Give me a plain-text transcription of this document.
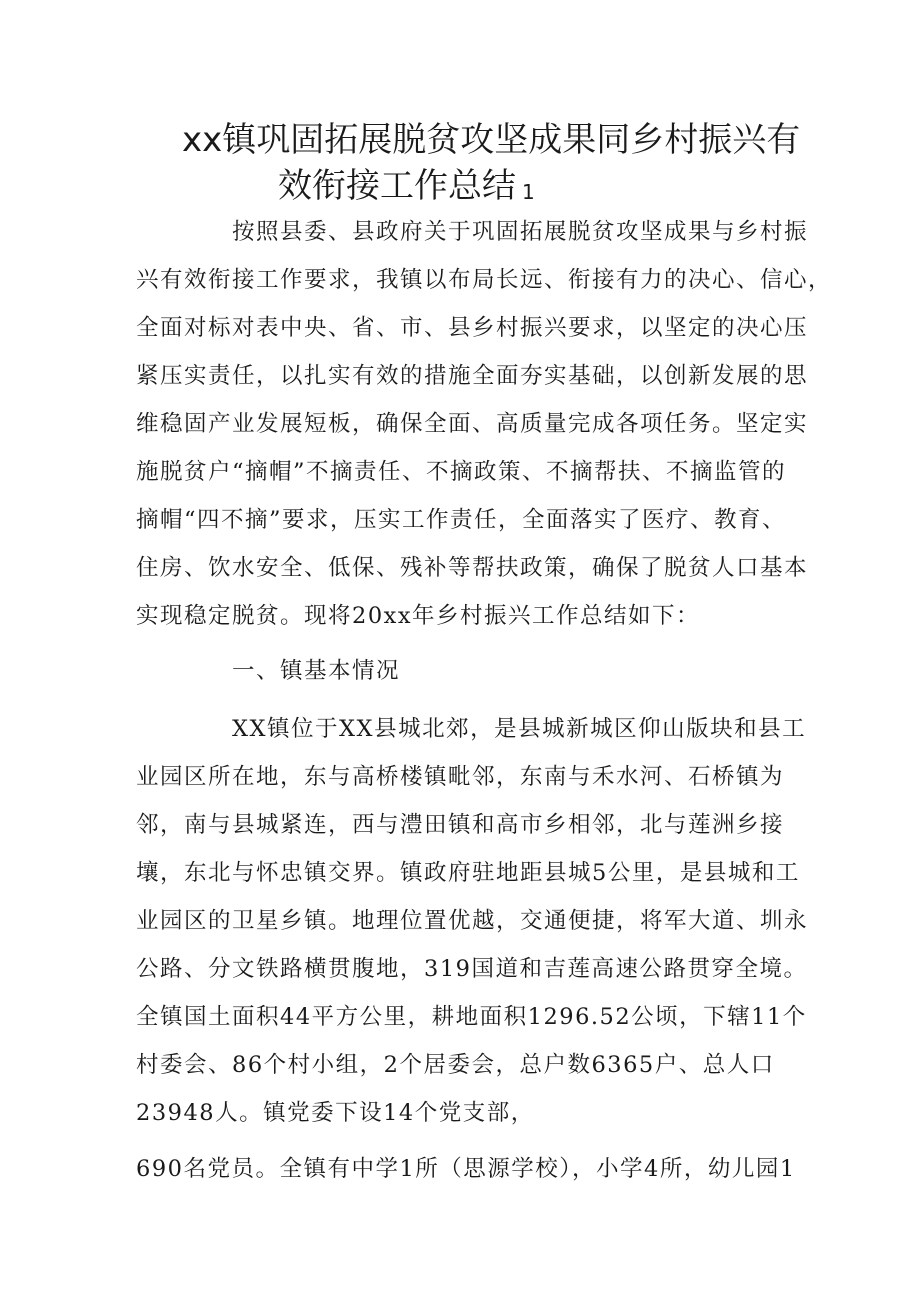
xx镇巩固拓展脱贫攻坚成果同乡村振兴有
效衔接工作总结 $^1$
按照县委、县政府关于巩固拓展脱贫攻坚成果与乡村振
兴有效衔接工作要求，我镇以布局长远、衔接有力的决心、信心，
全面对标对表中央、省、市、县乡村振兴要求，以坚定的决心压
紧压实责任，以扎实有效的措施全面夯实基础，以创新发展的思
维稳固产业发展短板，确保全面、高质量完成各项任务。坚定实
施脱贫户“摘帽”不摘责任、不摘政策、不摘帮扶、不摘监管的
摘帽“四不摘”要求，压实工作责任，全面落实了医疗、教育、
住房、饮水安全、低保、残补等帮扶政策，确保了脱贫人口基本
实现稳定脱贫。现将20xx年乡村振兴工作总结如下：
一、镇基本情况
XX镇位于XX县城北郊，是县城新城区仰山版块和县工
业园区所在地，东与高桥楼镇毗邻，东南与禾水河、石桥镇为
邻，南与县城紧连，西与澧田镇和高市乡相邻，北与莲洲乡接
壤，东北与怀忠镇交界。镇政府驻地距县城5公里，是县城和工
业园区的卫星乡镇。地理位置优越，交通便捷，将军大道、圳永
公路、分文铁路横贯腹地，319国道和吉莲高速公路贯穿全境。
全镇国土面积44平方公里，耕地面积1296.52公顷，下辖11个
村委会、86个村小组，2个居委会，总户数6365户、总人口
23948人。镇党委下设14个党支部，
690名党员。全镇有中学1所（思源学校），小学4所，幼儿园1
